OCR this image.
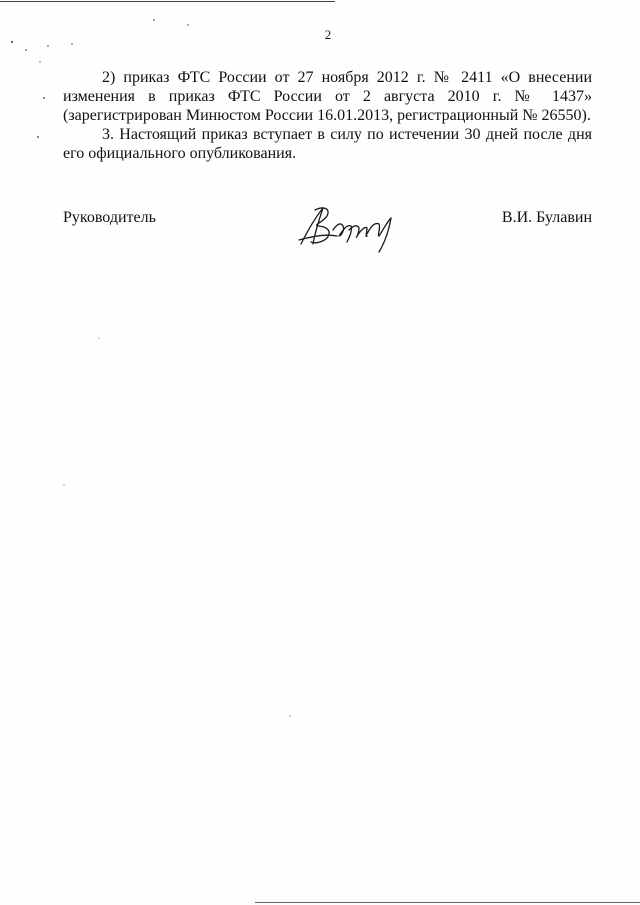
2

2) приказ ФТС России от 27 ноября 2012 г. № 2411 «О внесении изменения в приказ ФТС России от 2 августа 2010 г. № 1437» (зарегистрирован Минюстом России 16.01.2013, регистрационный № 26550).

3. Настоящий приказ вступает в силу по истечении 30 дней после дня его официального опубликования.

Руководитель	В.И. Булавин
